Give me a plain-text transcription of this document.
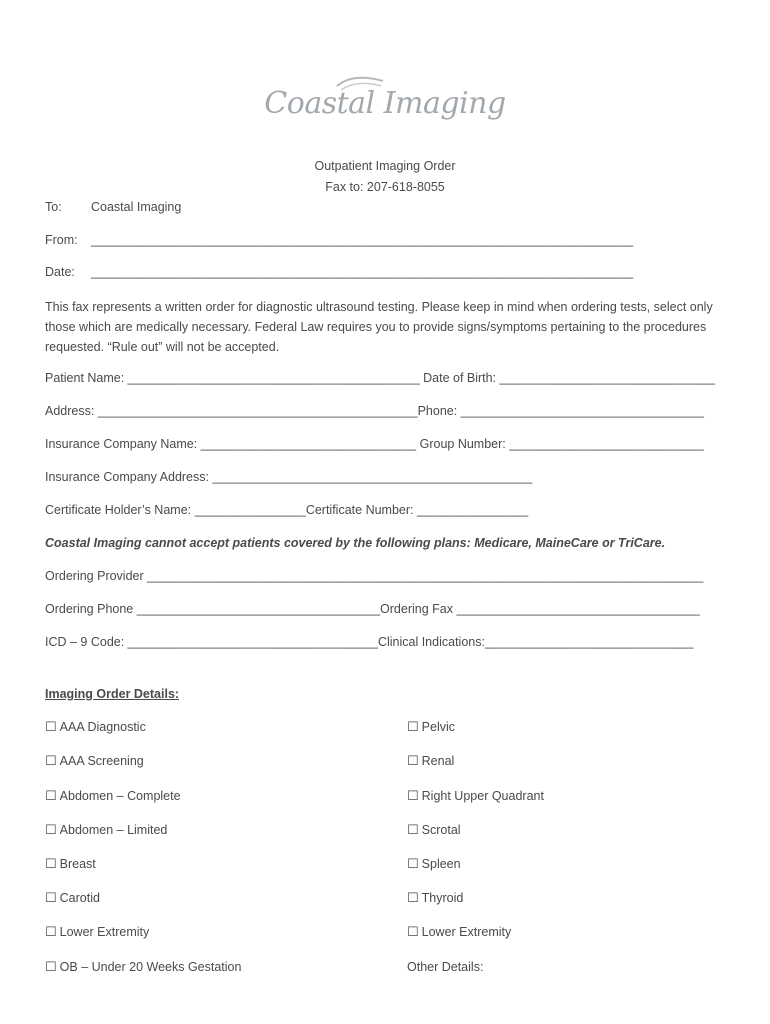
Coastal Imaging
Outpatient Imaging Order
Fax to: 207-618-8055
To: Coastal Imaging
From: ______________________________________________________________________________
Date: ______________________________________________________________________________
This fax represents a written order for diagnostic ultrasound testing. Please keep in mind when ordering tests, select only those which are medically necessary. Federal Law requires you to provide signs/symptoms pertaining to the procedures requested. “Rule out” will not be accepted.
Patient Name: __________________________________________ Date of Birth: _______________________________
Address: ______________________________________________Phone: ___________________________________
Insurance Company Name: _______________________________ Group Number: ____________________________
Insurance Company Address: ______________________________________________
Certificate Holder’s Name: ________________Certificate Number: ________________
Coastal Imaging cannot accept patients covered by the following plans: Medicare, MaineCare or TriCare.
Ordering Provider ________________________________________________________________________________
Ordering Phone ___________________________________Ordering Fax ___________________________________
ICD – 9 Code: ____________________________________Clinical Indications:______________________________
Imaging Order Details:
☐ AAA Diagnostic
☐ AAA Screening
☐ Abdomen – Complete
☐ Abdomen – Limited
☐ Breast
☐ Carotid
☐ Lower Extremity
☐ OB – Under 20 Weeks Gestation
☐ Pelvic
☐ Renal
☐ Right Upper Quadrant
☐ Scrotal
☐ Spleen
☐ Thyroid
☐ Lower Extremity
Other Details:
